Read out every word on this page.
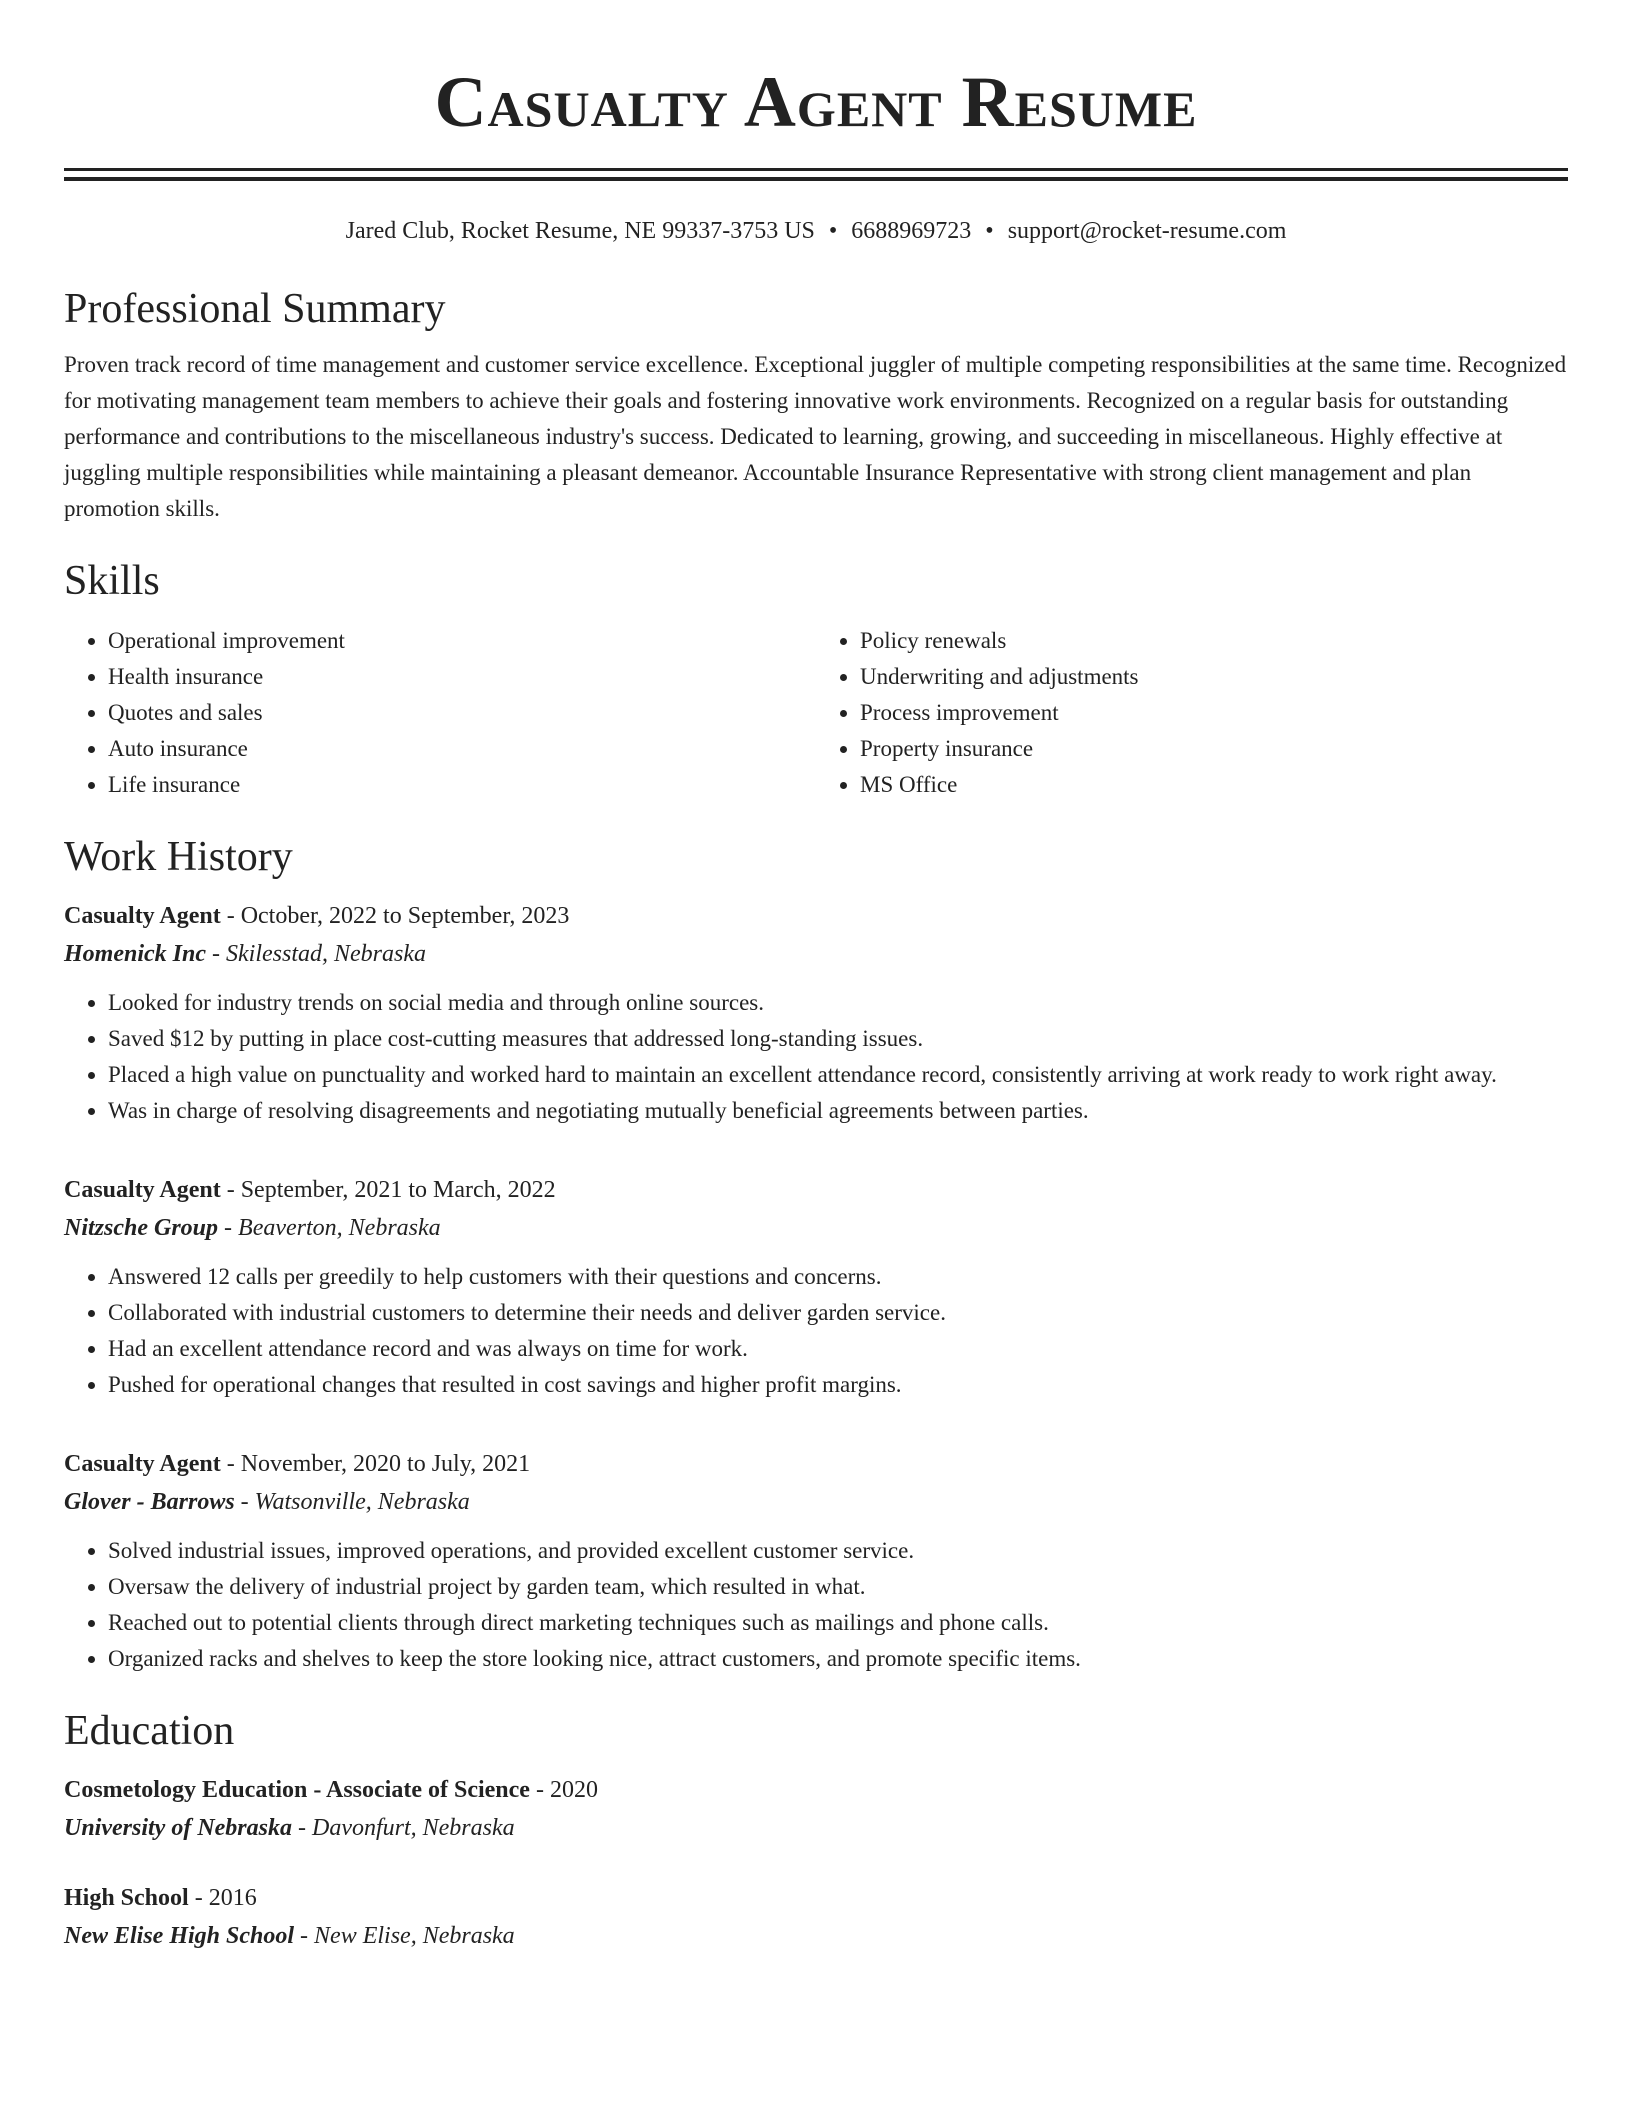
Casualty Agent Resume
Jared Club, Rocket Resume, NE 99337-3753 US • 6688969723 • support@rocket-resume.com
Professional Summary

Proven track record of time management and customer service excellence. Exceptional juggler of multiple competing responsibilities at the same time. Recognized for motivating management team members to achieve their goals and fostering innovative work environments. Recognized on a regular basis for outstanding performance and contributions to the miscellaneous industry's success. Dedicated to learning, growing, and succeeding in miscellaneous. Highly effective at juggling multiple responsibilities while maintaining a pleasant demeanor. Accountable Insurance Representative with strong client management and plan promotion skills.

Skills
• Operational improvement
• Health insurance
• Quotes and sales
• Auto insurance
• Life insurance
• Policy renewals
• Underwriting and adjustments
• Process improvement
• Property insurance
• MS Office
Work History
Casualty Agent - October, 2022 to September, 2023
Homenick Inc - Skilesstad, Nebraska
• Looked for industry trends on social media and through online sources.
• Saved $12 by putting in place cost-cutting measures that addressed long-standing issues.
• Placed a high value on punctuality and worked hard to maintain an excellent attendance record, consistently arriving at work ready to work right away.
• Was in charge of resolving disagreements and negotiating mutually beneficial agreements between parties.
Casualty Agent - September, 2021 to March, 2022
Nitzsche Group - Beaverton, Nebraska
• Answered 12 calls per greedily to help customers with their questions and concerns.
• Collaborated with industrial customers to determine their needs and deliver garden service.
• Had an excellent attendance record and was always on time for work.
• Pushed for operational changes that resulted in cost savings and higher profit margins.
Casualty Agent - November, 2020 to July, 2021
Glover - Barrows - Watsonville, Nebraska
• Solved industrial issues, improved operations, and provided excellent customer service.
• Oversaw the delivery of industrial project by garden team, which resulted in what.
• Reached out to potential clients through direct marketing techniques such as mailings and phone calls.
• Organized racks and shelves to keep the store looking nice, attract customers, and promote specific items.
Education
Cosmetology Education - Associate of Science - 2020
University of Nebraska - Davonfurt, Nebraska
High School - 2016
New Elise High School - New Elise, Nebraska
